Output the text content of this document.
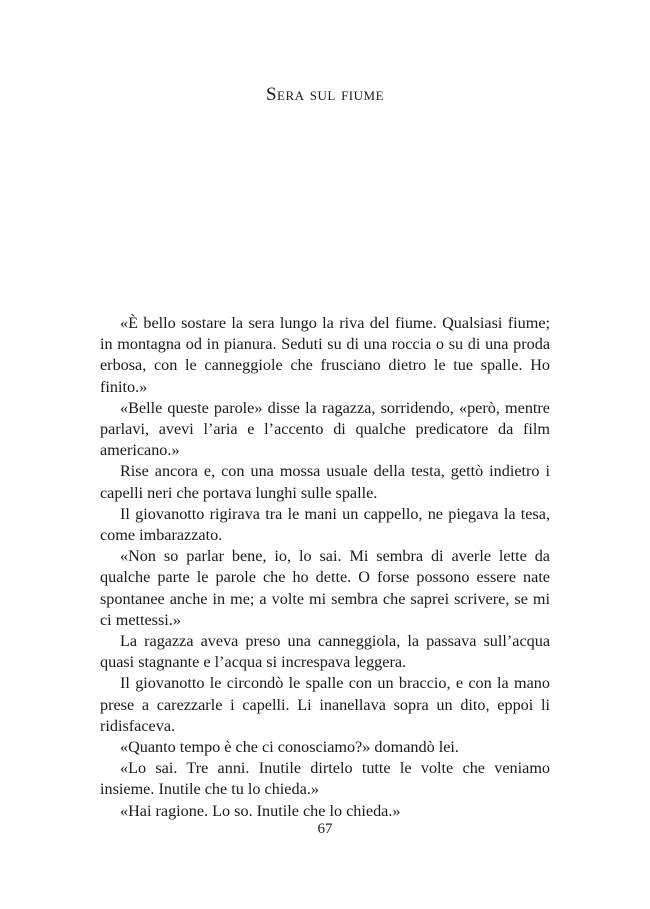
Sera sul fiume

«È bello sostare la sera lungo la riva del fiume. Qualsiasi fiume; in montagna od in pianura. Seduti su di una roccia o su di una proda erbosa, con le canneggiole che frusciano dietro le tue spalle. Ho finito.»

«Belle queste parole» disse la ragazza, sorridendo, «però, mentre parlavi, avevi l’aria e l’accento di qualche predicatore da film americano.»

Rise ancora e, con una mossa usuale della testa, gettò indietro i capelli neri che portava lunghi sulle spalle.

Il giovanotto rigirava tra le mani un cappello, ne piegava la tesa, come imbarazzato.

«Non so parlar bene, io, lo sai. Mi sembra di averle lette da qualche parte le parole che ho dette. O forse possono essere nate spontanee anche in me; a volte mi sembra che saprei scrivere, se mi ci mettessi.»

La ragazza aveva preso una canneggiola, la passava sull’acqua quasi stagnante e l’acqua si increspava leggera.

Il giovanotto le circondò le spalle con un braccio, e con la mano prese a carezzarle i capelli. Li inanellava sopra un dito, eppoi li ridisfaceva.

«Quanto tempo è che ci conosciamo?» domandò lei.

«Lo sai. Tre anni. Inutile dirtelo tutte le volte che veniamo insieme. Inutile che tu lo chieda.»

«Hai ragione. Lo so. Inutile che lo chieda.»

67
